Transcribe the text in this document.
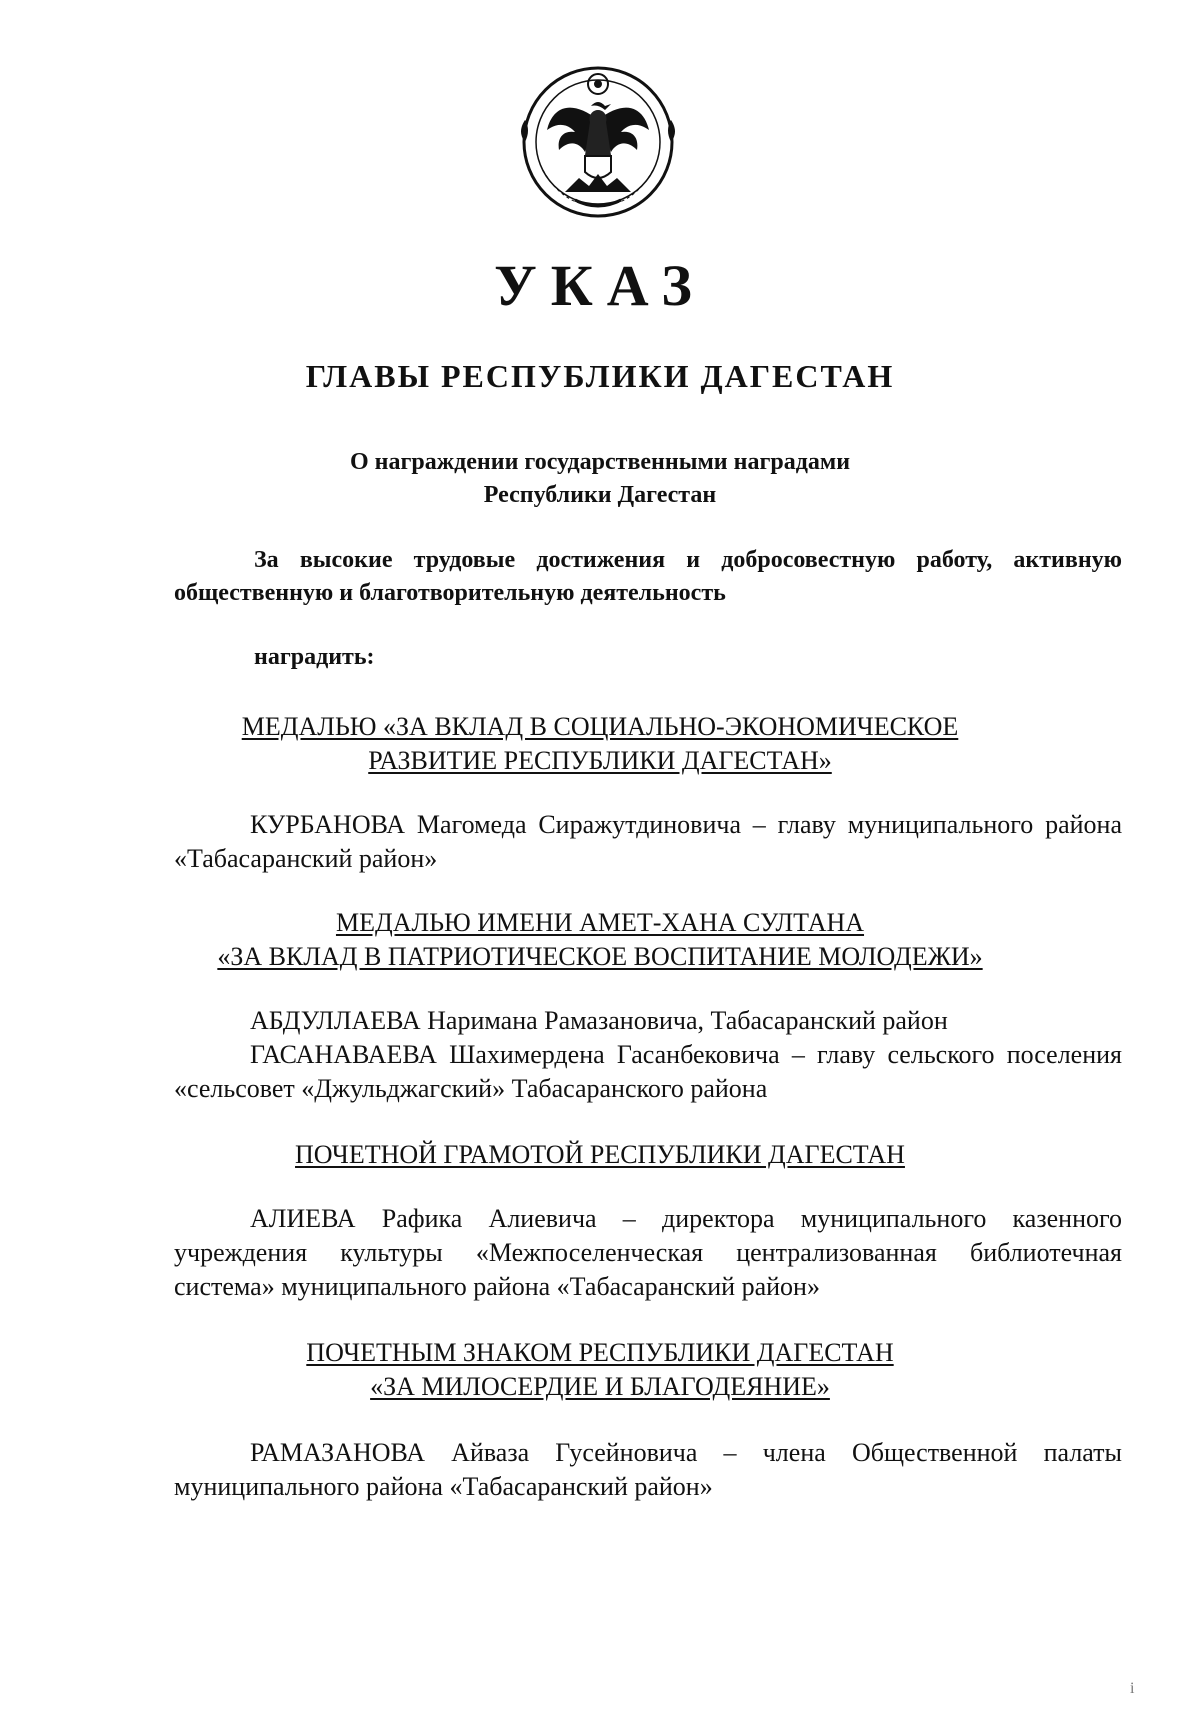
УКАЗ
ГЛАВЫ РЕСПУБЛИКИ ДАГЕСТАН
О награждении государственными наградами
Республики Дагестан
За высокие трудовые достижения и добросовестную работу, активную общественную и благотворительную деятельность
наградить:
МЕДАЛЬЮ «ЗА ВКЛАД В СОЦИАЛЬНО-ЭКОНОМИЧЕСКОЕ
РАЗВИТИЕ РЕСПУБЛИКИ ДАГЕСТАН»
КУРБАНОВА Магомеда Сиражутдиновича – главу муниципального района «Табасаранский район»
МЕДАЛЬЮ ИМЕНИ АМЕТ-ХАНА СУЛТАНА
«ЗА ВКЛАД В ПАТРИОТИЧЕСКОЕ ВОСПИТАНИЕ МОЛОДЕЖИ»
АБДУЛЛАЕВА Наримана Рамазановича, Табасаранский район
ГАСАНАВАЕВА Шахимердена Гасанбековича – главу сельского поселения «сельсовет «Джульджагский» Табасаранского района
ПОЧЕТНОЙ ГРАМОТОЙ РЕСПУБЛИКИ ДАГЕСТАН
АЛИЕВА Рафика Алиевича – директора муниципального казенного учреждения культуры «Межпоселенческая централизованная библиотечная система» муниципального района «Табасаранский район»
ПОЧЕТНЫМ ЗНАКОМ РЕСПУБЛИКИ ДАГЕСТАН
«ЗА МИЛОСЕРДИЕ И БЛАГОДЕЯНИЕ»
РАМАЗАНОВА Айваза Гусейновича – члена Общественной палаты муниципального района «Табасаранский район»
i
